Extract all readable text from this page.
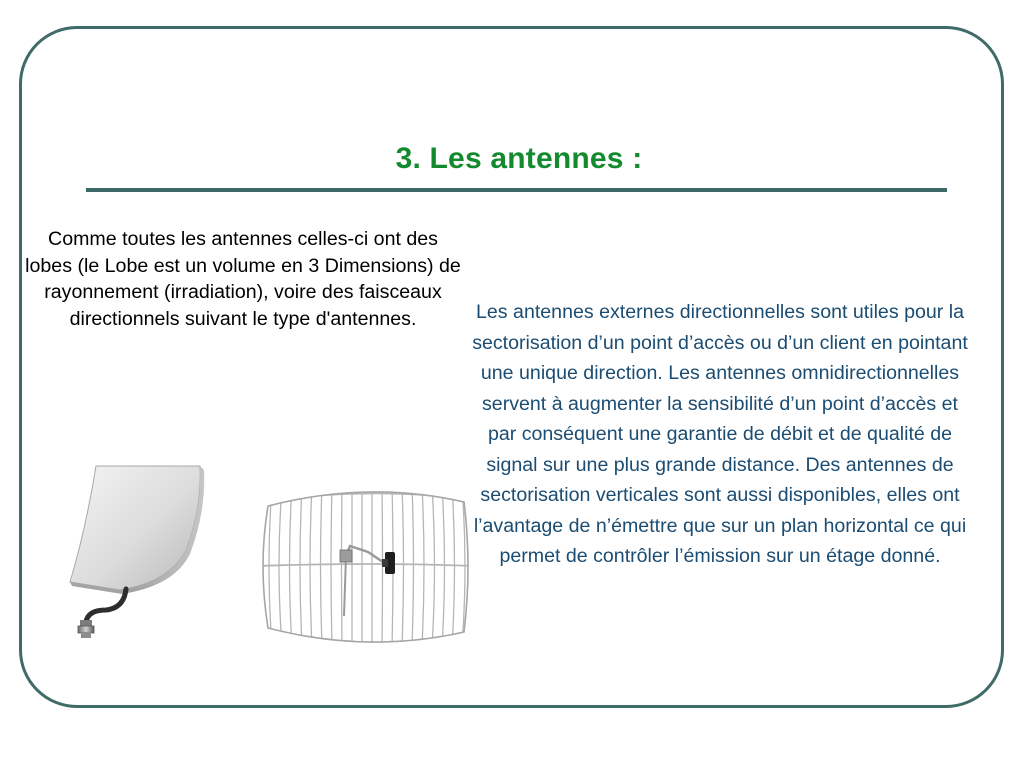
3. Les antennes :
Comme toutes les antennes celles-ci ont des lobes (le Lobe est un volume en 3 Dimensions) de rayonnement (irradiation), voire des faisceaux directionnels suivant le type d'antennes.	Les antennes externes directionnelles sont utiles pour la sectorisation d’un point d’accès ou d’un client en pointant une unique direction. Les antennes omnidirectionnelles servent à augmenter la sensibilité d’un point d’accès et par conséquent une garantie de débit et de qualité de signal sur une plus grande distance. Des antennes de sectorisation verticales sont aussi disponibles, elles ont l’avantage de n’émettre que sur un plan horizontal ce qui permet de contrôler l’émission sur un étage donné.
